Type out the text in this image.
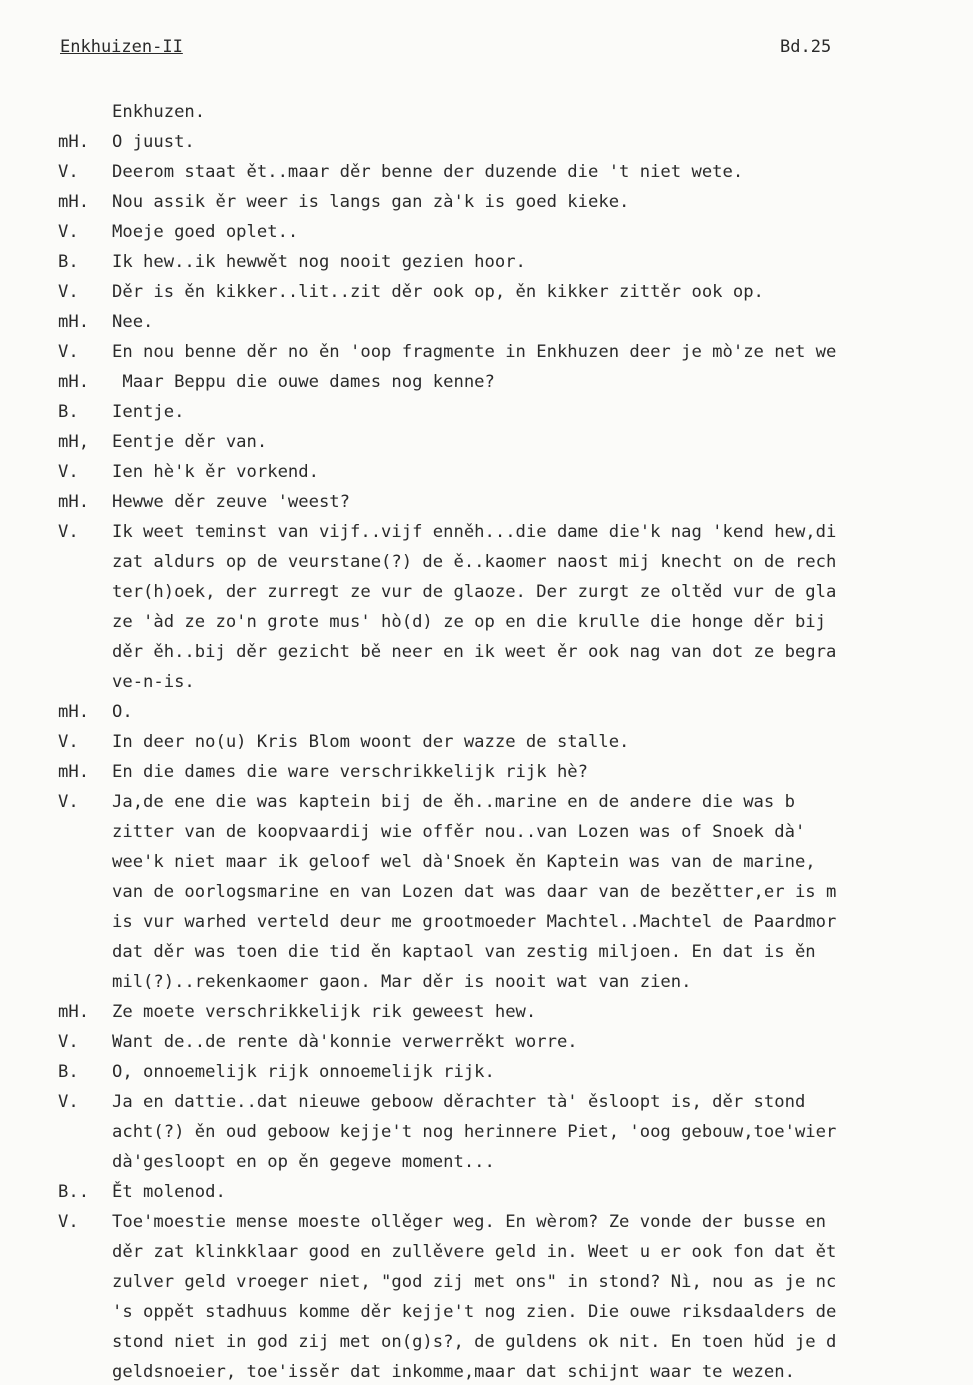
Enkhuizen-II	Bd.25
Enkhuzen.
mH.	O juust.
V.	Deerom staat ět..maar děr benne der duzende die 't niet wete.
mH.	Nou assik ěr weer is langs gan zà'k is goed kieke.
V.	Moeje goed oplet..
B.	Ik hew..ik hewwět nog nooit gezien hoor.
V.	Děr is ěn kikker..lit..zit děr ook op, ěn kikker zittěr ook op.
mH.	Nee.
V.	En nou benne děr no ěn 'oop fragmente in Enkhuzen deer je mò'ze net we
mH.	Maar Beppu die ouwe dames nog kenne?
B.	Ientje.
mH,	Eentje děr van.
V.	Ien hè'k ěr vorkend.
mH.	Hewwe děr zeuve 'weest?
V.	Ik weet teminst van vijf..vijf enněh...die dame die'k nag 'kend hew,di
zat aldurs op de veurstane(?) de ě..kaomer naost mij knecht on de rech
ter(h)oek, der zurregt ze vur de glaoze. Der zurgt ze oltěd vur de gla
ze 'àd ze zo'n grote mus' hò(d) ze op en die krulle die honge děr bij
děr ěh..bij děr gezicht bě neer en ik weet ěr ook nag van dot ze begra
ve-n-is.
mH.	O.
V.	In deer no(u) Kris Blom woont der wazze de stalle.
mH.	En die dames die ware verschrikkelijk rijk hè?
V.	Ja,de ene die was kaptein bij de ěh..marine en de andere die was b
zitter van de koopvaardij wie offěr nou..van Lozen was of Snoek dà'
wee'k niet maar ik geloof wel dà'Snoek ěn Kaptein was van de marine,
van de oorlogsmarine en van Lozen dat was daar van de bezětter,er is m
is vur warhed verteld deur me grootmoeder Machtel..Machtel de Paardmor
dat děr was toen die tid ěn kaptaol van zestig miljoen. En dat is ěn
mil(?)..rekenkaomer gaon. Mar děr is nooit wat van zien.
mH.	Ze moete verschrikkelijk rik geweest hew.
V.	Want de..de rente dà'konnie verwerrěkt worre.
B.	O, onnoemelijk rijk onnoemelijk rijk.
V.	Ja en dattie..dat nieuwe geboow děrachter tà' ěsloopt is, děr stond
acht(?) ěn oud geboow kejje't nog herinnere Piet, 'oog gebouw,toe'wier
dà'gesloopt en op ěn gegeve moment...
B..	Ět molenod.
V.	Toe'moestie mense moeste ollěger weg. En wèrom? Ze vonde der busse en
děr zat klinkklaar good en zullěvere geld in. Weet u er ook fon dat ět
zulver geld vroeger niet, "god zij met ons" in stond? Nì, nou as je nc
's oppět stadhuus komme děr kejje't nog zien. Die ouwe riksdaalders de
stond niet in god zij met on(g)s?, de guldens ok nit. En toen hǔd je d
geldsnoeier, toe'issěr dat inkomme,maar dat schijnt waar te wezen.
